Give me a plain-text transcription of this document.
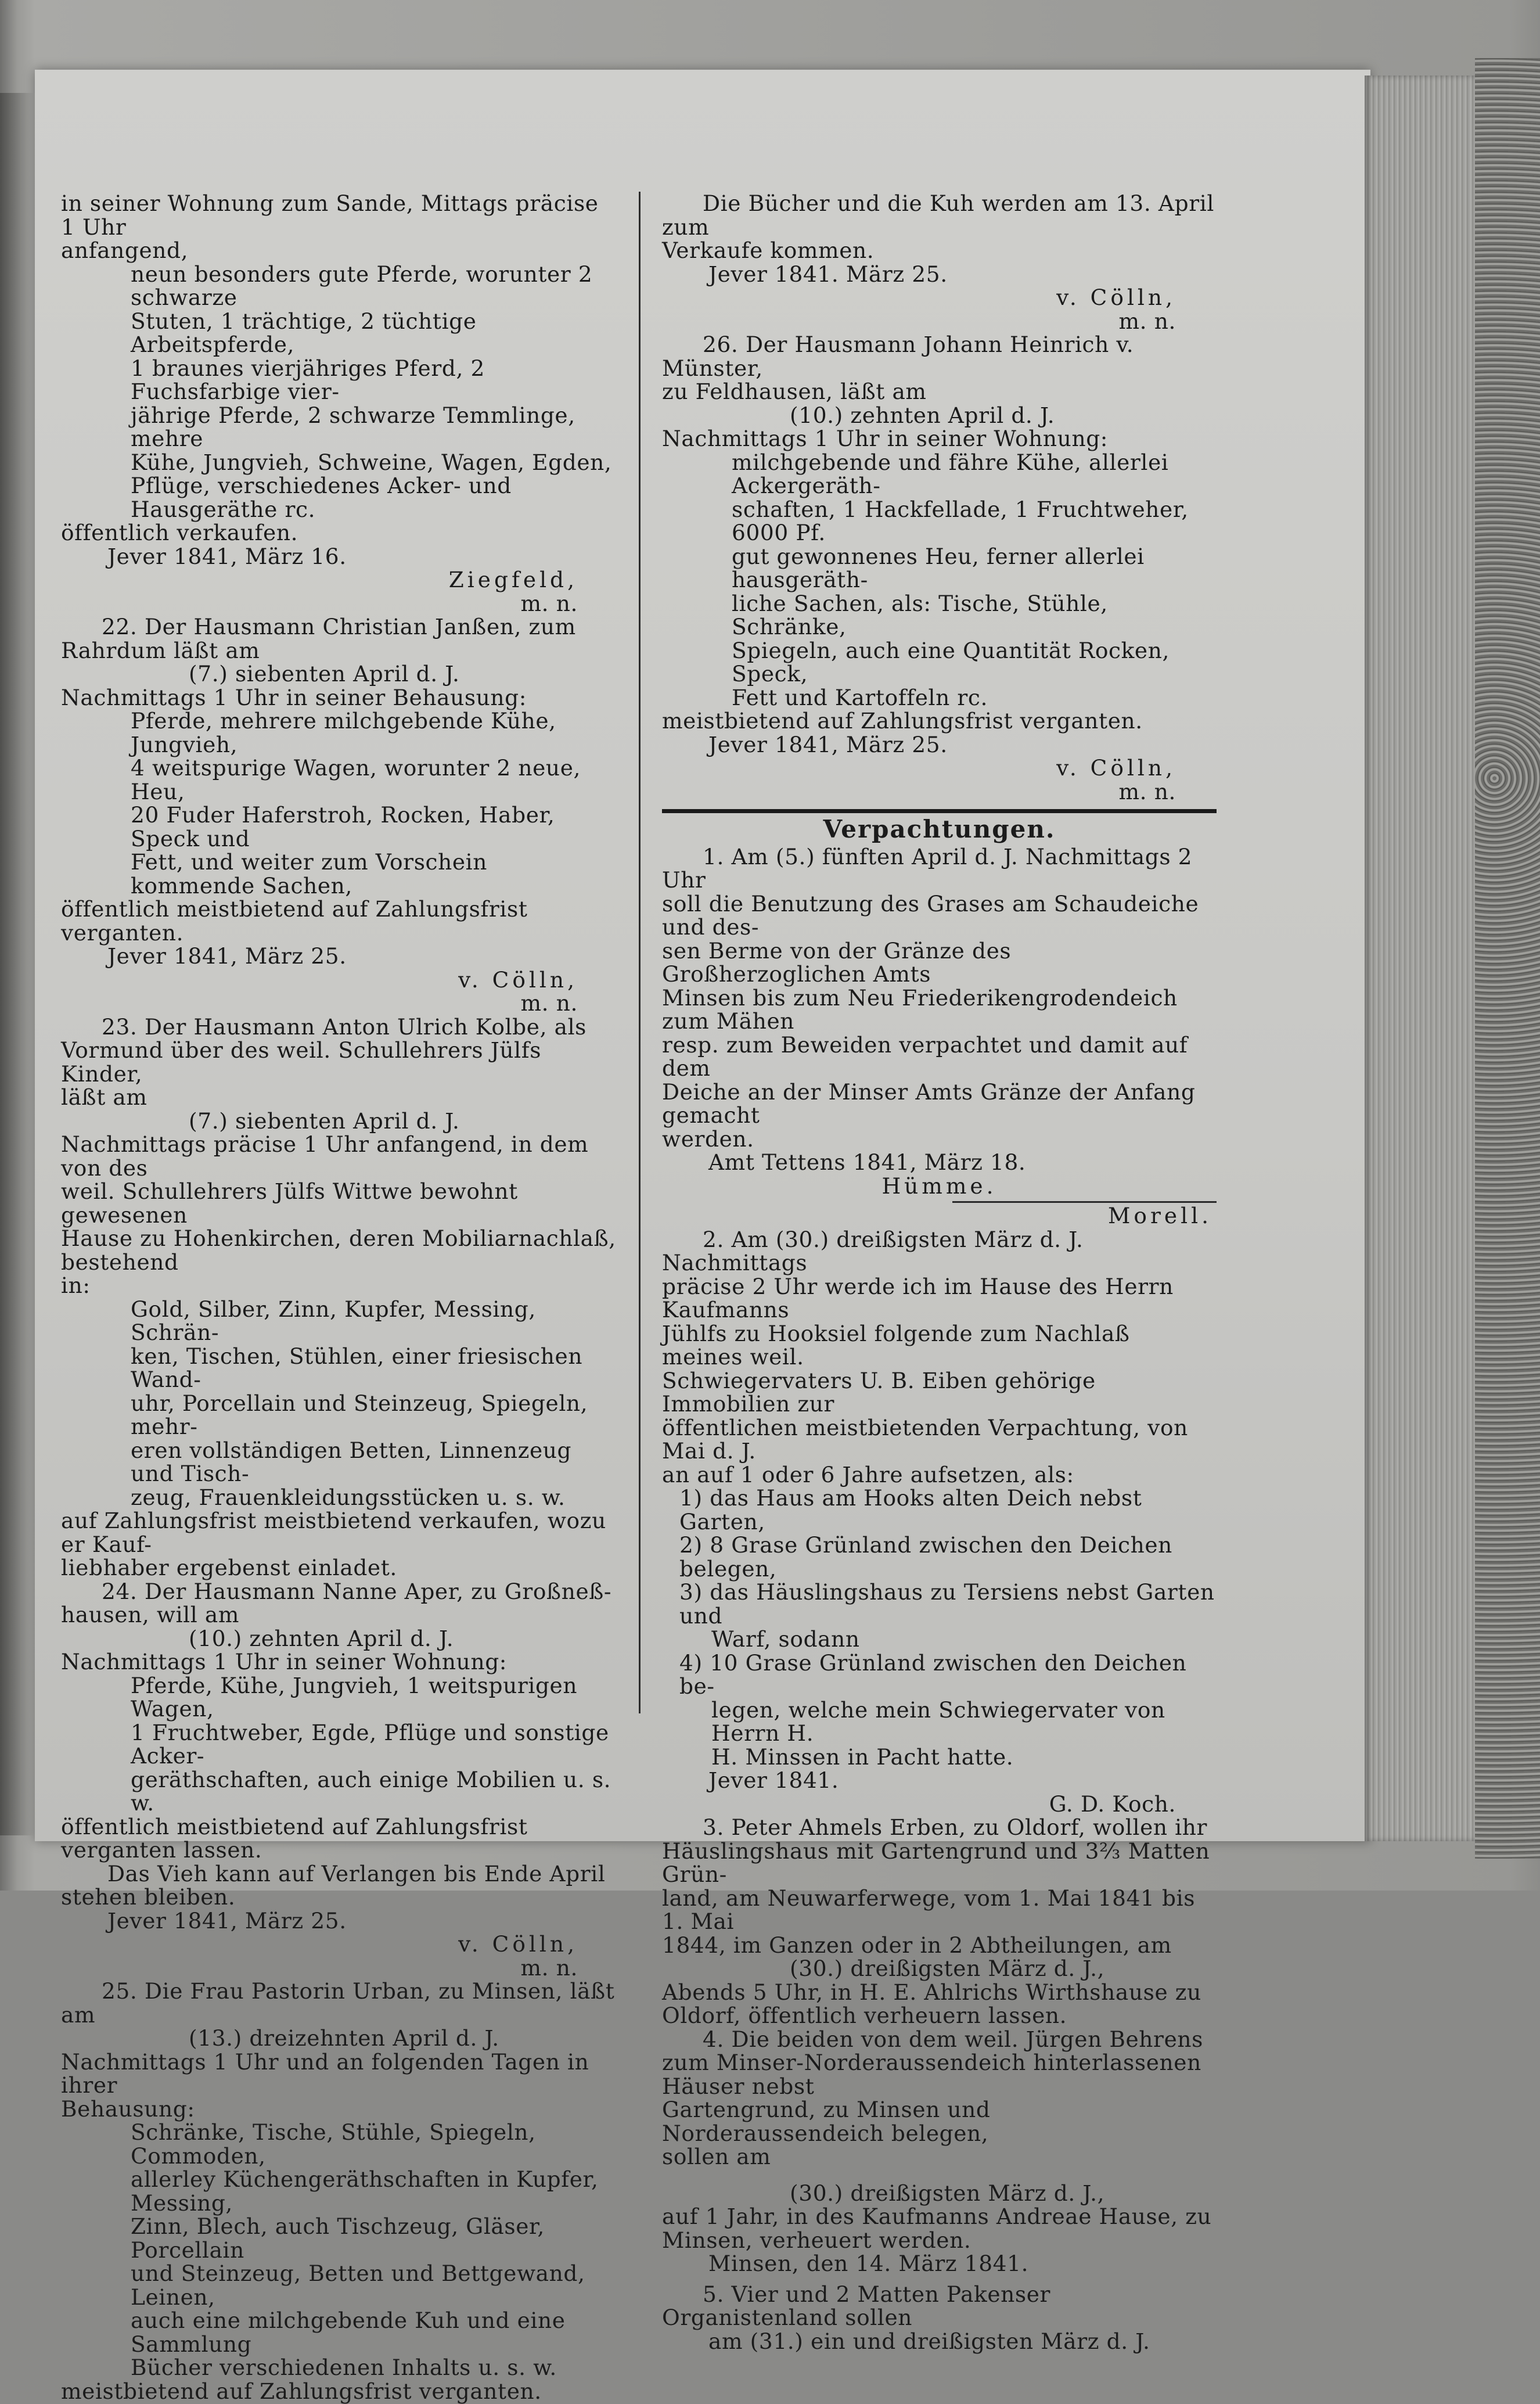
in seiner Wohnung zum Sande, Mittags präcise 1 Uhr

anfangend,

neun besonders gute Pferde, worunter 2 schwarze

Stuten, 1 trächtige, 2 tüchtige Arbeitspferde,

1 braunes vierjähriges Pferd, 2 Fuchsfarbige vier-

jährige Pferde, 2 schwarze Temmlinge, mehre

Kühe, Jungvieh, Schweine, Wagen, Egden,

Pflüge, verschiedenes Acker- und Hausgeräthe rc.

öffentlich verkaufen.

Jever 1841, März 16.

Ziegfeld,

m. n.

22. Der Hausmann Christian Janßen, zum

Rahrdum läßt am

(7.) siebenten April d. J.

Nachmittags 1 Uhr in seiner Behausung:

Pferde, mehrere milchgebende Kühe, Jungvieh,

4 weitspurige Wagen, worunter 2 neue, Heu,

20 Fuder Haferstroh, Rocken, Haber, Speck und

Fett, und weiter zum Vorschein kommende Sachen,

öffentlich meistbietend auf Zahlungsfrist verganten.

Jever 1841, März 25.

v. Cölln,

m. n.

23. Der Hausmann Anton Ulrich Kolbe, als

Vormund über des weil. Schullehrers Jülfs Kinder,

läßt am

(7.) siebenten April d. J.

Nachmittags präcise 1 Uhr anfangend, in dem von des

weil. Schullehrers Jülfs Wittwe bewohnt gewesenen

Hause zu Hohenkirchen, deren Mobiliarnachlaß, bestehend

in:

Gold, Silber, Zinn, Kupfer, Messing, Schrän-

ken, Tischen, Stühlen, einer friesischen Wand-

uhr, Porcellain und Steinzeug, Spiegeln, mehr-

eren vollständigen Betten, Linnenzeug und Tisch-

zeug, Frauenkleidungsstücken u. s. w.

auf Zahlungsfrist meistbietend verkaufen, wozu er Kauf-

liebhaber ergebenst einladet.

24. Der Hausmann Nanne Aper, zu Großneß-

hausen, will am

(10.) zehnten April d. J.

Nachmittags 1 Uhr in seiner Wohnung:

Pferde, Kühe, Jungvieh, 1 weitspurigen Wagen,

1 Fruchtweber, Egde, Pflüge und sonstige Acker-

geräthschaften, auch einige Mobilien u. s. w.

öffentlich meistbietend auf Zahlungsfrist verganten lassen.

Das Vieh kann auf Verlangen bis Ende April

stehen bleiben.

Jever 1841, März 25.

v. Cölln,

m. n.

25. Die Frau Pastorin Urban, zu Minsen, läßt am

(13.) dreizehnten April d. J.

Nachmittags 1 Uhr und an folgenden Tagen in ihrer

Behausung:

Schränke, Tische, Stühle, Spiegeln, Commoden,

allerley Küchengeräthschaften in Kupfer, Messing,

Zinn, Blech, auch Tischzeug, Gläser, Porcellain

und Steinzeug, Betten und Bettgewand, Leinen,

auch eine milchgebende Kuh und eine Sammlung

Bücher verschiedenen Inhalts u. s. w.

meistbietend auf Zahlungsfrist verganten.

Die Bücher und die Kuh werden am 13. April zum

Verkaufe kommen.

Jever 1841. März 25.

v. Cölln,

m. n.

26. Der Hausmann Johann Heinrich v. Münster,

zu Feldhausen, läßt am

(10.) zehnten April d. J.

Nachmittags 1 Uhr in seiner Wohnung:

milchgebende und fähre Kühe, allerlei Ackergeräth-

schaften, 1 Hackfellade, 1 Fruchtweher, 6000 Pf.

gut gewonnenes Heu, ferner allerlei hausgeräth-

liche Sachen, als: Tische, Stühle, Schränke,

Spiegeln, auch eine Quantität Rocken, Speck,

Fett und Kartoffeln rc.

meistbietend auf Zahlungsfrist verganten.

Jever 1841, März 25.

v. Cölln,

m. n.

Verpachtungen.

1. Am (5.) fünften April d. J. Nachmittags 2 Uhr

soll die Benutzung des Grases am Schaudeiche und des-

sen Berme von der Gränze des Großherzoglichen Amts

Minsen bis zum Neu Friederikengrodendeich zum Mähen

resp. zum Beweiden verpachtet und damit auf dem

Deiche an der Minser Amts Gränze der Anfang gemacht

werden.

Amt Tettens 1841, März 18.

Hümme.

Morell.

2. Am (30.) dreißigsten März d. J. Nachmittags

präcise 2 Uhr werde ich im Hause des Herrn Kaufmanns

Jühlfs zu Hooksiel folgende zum Nachlaß meines weil.

Schwiegervaters U. B. Eiben gehörige Immobilien zur

öffentlichen meistbietenden Verpachtung, von Mai d. J.

an auf 1 oder 6 Jahre aufsetzen, als:

1) das Haus am Hooks alten Deich nebst Garten,

2) 8 Grase Grünland zwischen den Deichen belegen,

3) das Häuslingshaus zu Tersiens nebst Garten und

Warf, sodann

4) 10 Grase Grünland zwischen den Deichen be-

legen, welche mein Schwiegervater von Herrn H.

H. Minssen in Pacht hatte.

Jever 1841.

G. D. Koch.

3. Peter Ahmels Erben, zu Oldorf, wollen ihr

Häuslingshaus mit Gartengrund und 3⅔ Matten Grün-

land, am Neuwarferwege, vom 1. Mai 1841 bis 1. Mai

1844, im Ganzen oder in 2 Abtheilungen, am

(30.) dreißigsten März d. J.,

Abends 5 Uhr, in H. E. Ahlrichs Wirthshause zu

Oldorf, öffentlich verheuern lassen.

4. Die beiden von dem weil. Jürgen Behrens

zum Minser-Norderaussendeich hinterlassenen Häuser nebst

Gartengrund, zu Minsen und Norderaussendeich belegen,

sollen am

(30.) dreißigsten März d. J.,

auf 1 Jahr, in des Kaufmanns Andreae Hause, zu

Minsen, verheuert werden.

Minsen, den 14. März 1841.

5. Vier und 2 Matten Pakenser Organistenland sollen

am (31.) ein und dreißigsten März d. J.
